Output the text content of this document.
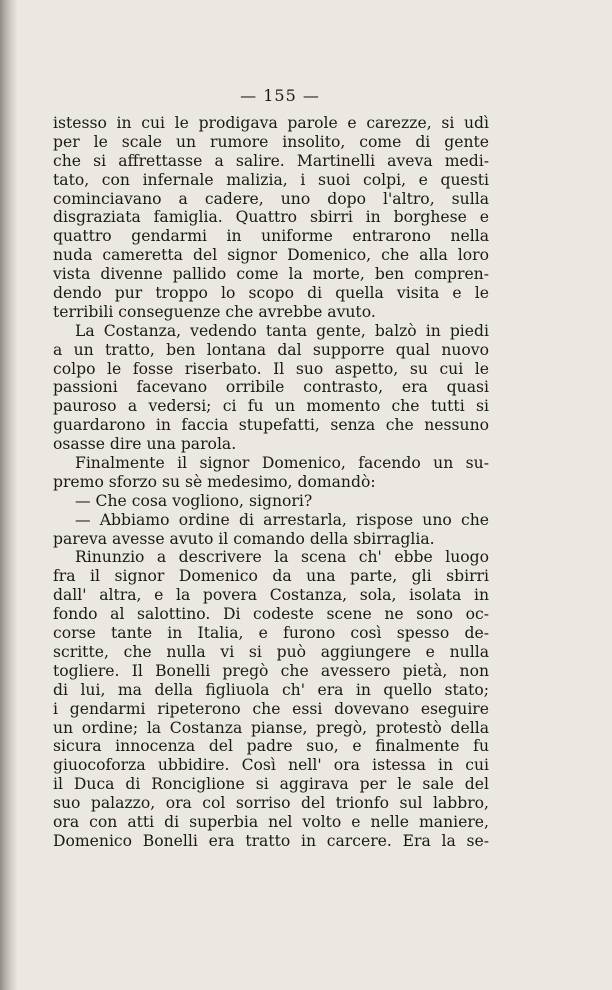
— 155 —
istesso in cui le prodigava parole e carezze, si udì
per le scale un rumore insolito, come di gente
che si affrettasse a salire. Martinelli aveva medi-
tato, con infernale malizia, i suoi colpi, e questi
cominciavano a cadere, uno dopo l'altro, sulla
disgraziata famiglia. Quattro sbirri in borghese e
quattro gendarmi in uniforme entrarono nella
nuda cameretta del signor Domenico, che alla loro
vista divenne pallido come la morte, ben compren-
dendo pur troppo lo scopo di quella visita e le
terribili conseguenze che avrebbe avuto.
La Costanza, vedendo tanta gente, balzò in piedi
a un tratto, ben lontana dal supporre qual nuovo
colpo le fosse riserbato. Il suo aspetto, su cui le
passioni facevano orribile contrasto, era quasi
pauroso a vedersi; ci fu un momento che tutti si
guardarono in faccia stupefatti, senza che nessuno
osasse dire una parola.
Finalmente il signor Domenico, facendo un su-
premo sforzo su sè medesimo, domandò:
— Che cosa vogliono, signori?
— Abbiamo ordine di arrestarla, rispose uno che
pareva avesse avuto il comando della sbirraglia.
Rinunzio a descrivere la scena ch' ebbe luogo
fra il signor Domenico da una parte, gli sbirri
dall' altra, e la povera Costanza, sola, isolata in
fondo al salottino. Di codeste scene ne sono oc-
corse tante in Italia, e furono così spesso de-
scritte, che nulla vi si può aggiungere e nulla
togliere. Il Bonelli pregò che avessero pietà, non
di lui, ma della figliuola ch' era in quello stato;
i gendarmi ripeterono che essi dovevano eseguire
un ordine; la Costanza pianse, pregò, protestò della
sicura innocenza del padre suo, e finalmente fu
giuocoforza ubbidire. Così nell' ora istessa in cui
il Duca di Ronciglione si aggirava per le sale del
suo palazzo, ora col sorriso del trionfo sul labbro,
ora con atti di superbia nel volto e nelle maniere,
Domenico Bonelli era tratto in carcere. Era la se-
